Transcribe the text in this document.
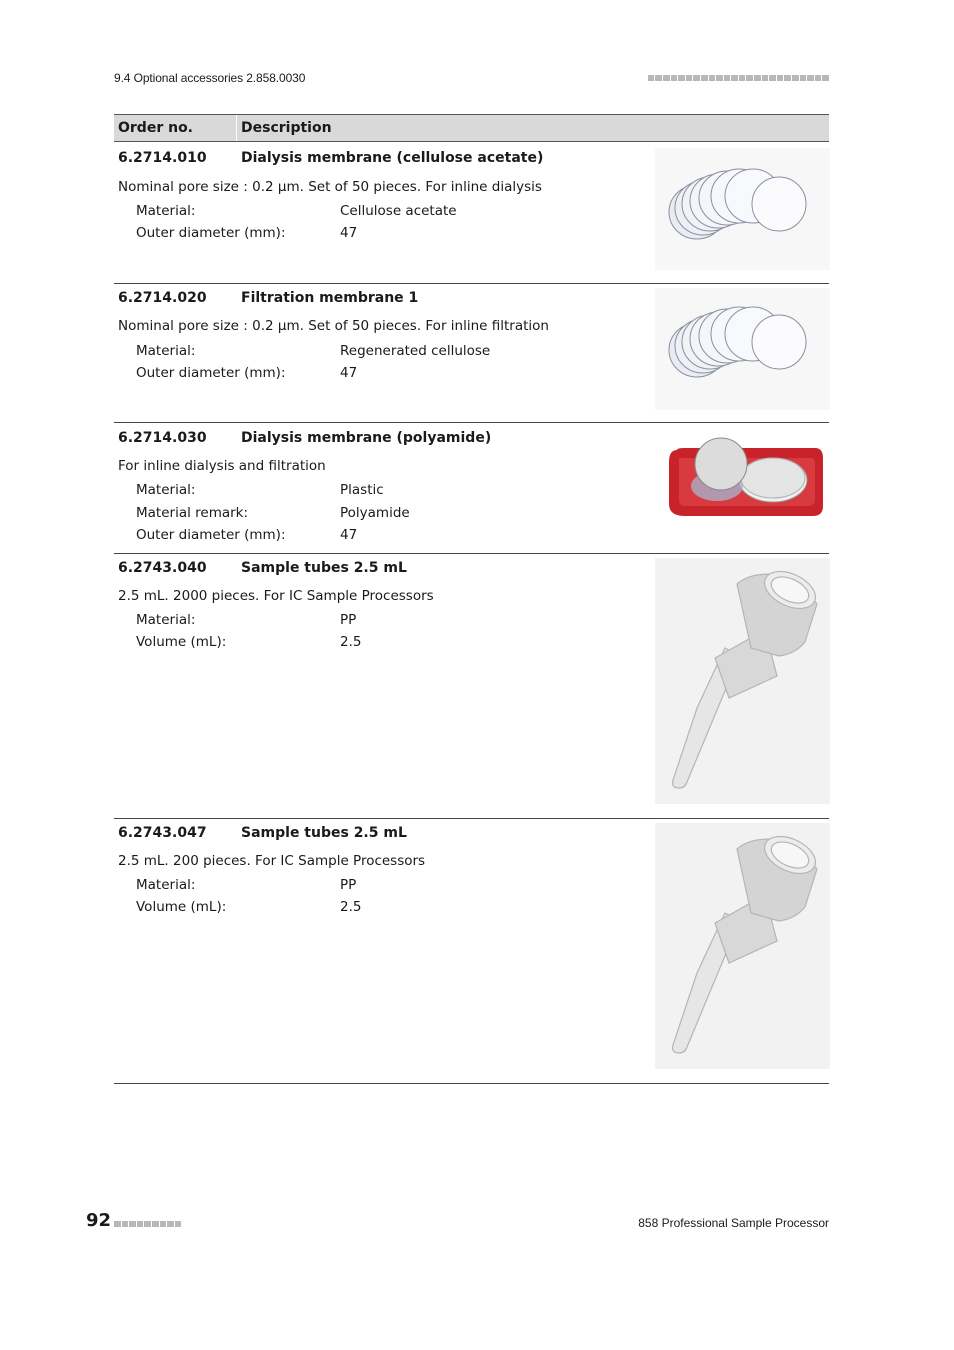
9.4 Optional accessories 2.858.0030
Order no.	Description
6.2714.010 Dialysis membrane (cellulose acetate)
Nominal pore size : 0.2 µm. Set of 50 pieces. For inline dialysis
Material:	Cellulose acetate
Outer diameter (mm):	47
6.2714.020 Filtration membrane 1
Nominal pore size : 0.2 µm. Set of 50 pieces. For inline filtration
Material:	Regenerated cellulose
Outer diameter (mm):	47
6.2714.030 Dialysis membrane (polyamide)
For inline dialysis and filtration
Material:	Plastic
Material remark:	Polyamide
Outer diameter (mm):	47
6.2743.040 Sample tubes 2.5 mL
2.5 mL. 2000 pieces. For IC Sample Processors
Material:	PP
Volume (mL):	2.5
6.2743.047 Sample tubes 2.5 mL
2.5 mL. 200 pieces. For IC Sample Processors
Material:	PP
Volume (mL):	2.5
92	858 Professional Sample Processor
